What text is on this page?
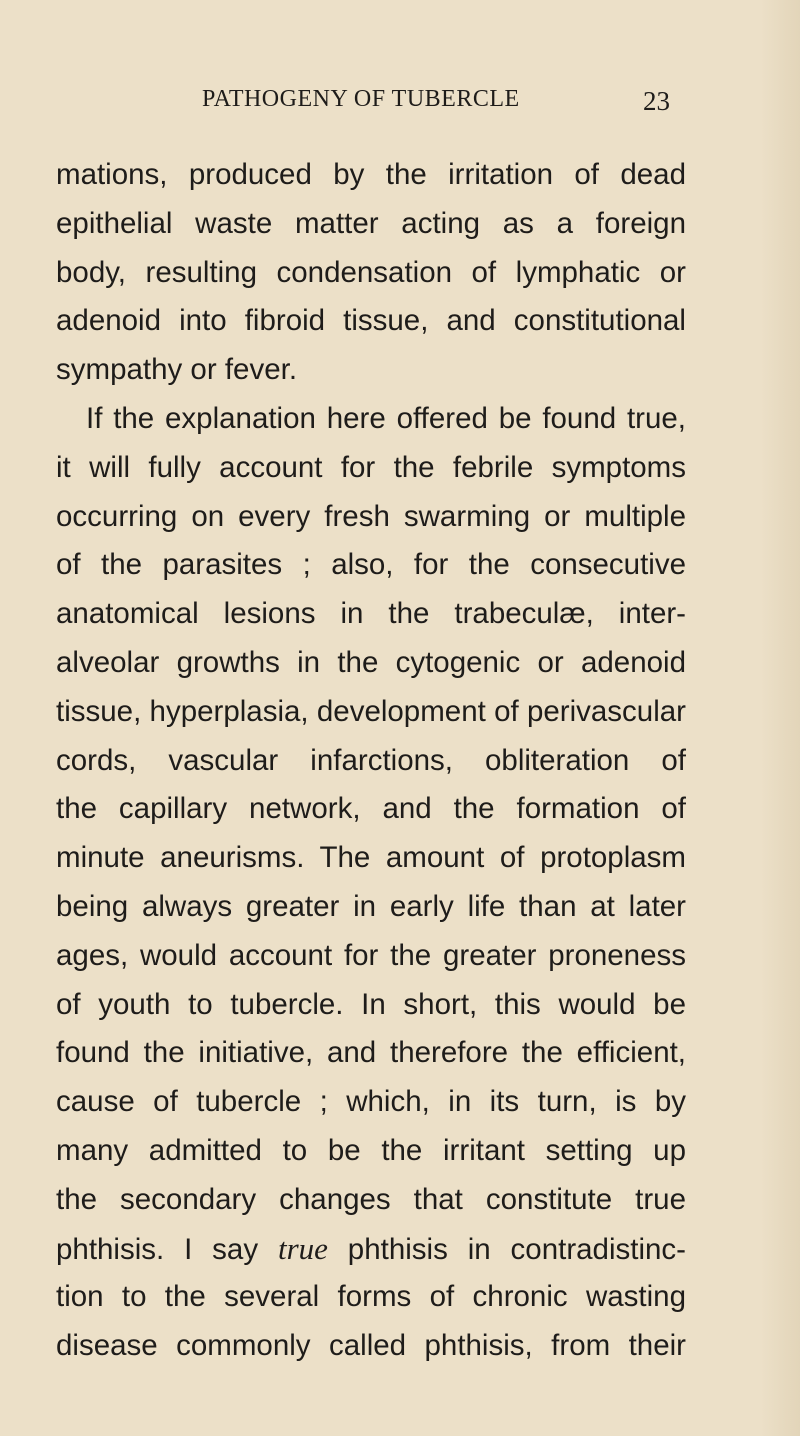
PATHOGENY OF TUBERCLE	23
mations, produced by the irritation of dead
epithelial waste matter acting as a foreign
body, resulting condensation of lymphatic or
adenoid into fibroid tissue, and constitutional
sympathy or fever.
If the explanation here offered be found true,
it will fully account for the febrile symptoms
occurring on every fresh swarming or multiple
of the parasites ; also, for the consecutive
anatomical lesions in the trabeculæ, inter-
alveolar growths in the cytogenic or adenoid
tissue, hyperplasia, development of perivascular
cords, vascular infarctions, obliteration of
the capillary network, and the formation of
minute aneurisms. The amount of protoplasm
being always greater in early life than at later
ages, would account for the greater proneness
of youth to tubercle. In short, this would be
found the initiative, and therefore the efficient,
cause of tubercle ; which, in its turn, is by
many admitted to be the irritant setting up
the secondary changes that constitute true
phthisis. I say true phthisis in contradistinc-
tion to the several forms of chronic wasting
disease commonly called phthisis, from their
